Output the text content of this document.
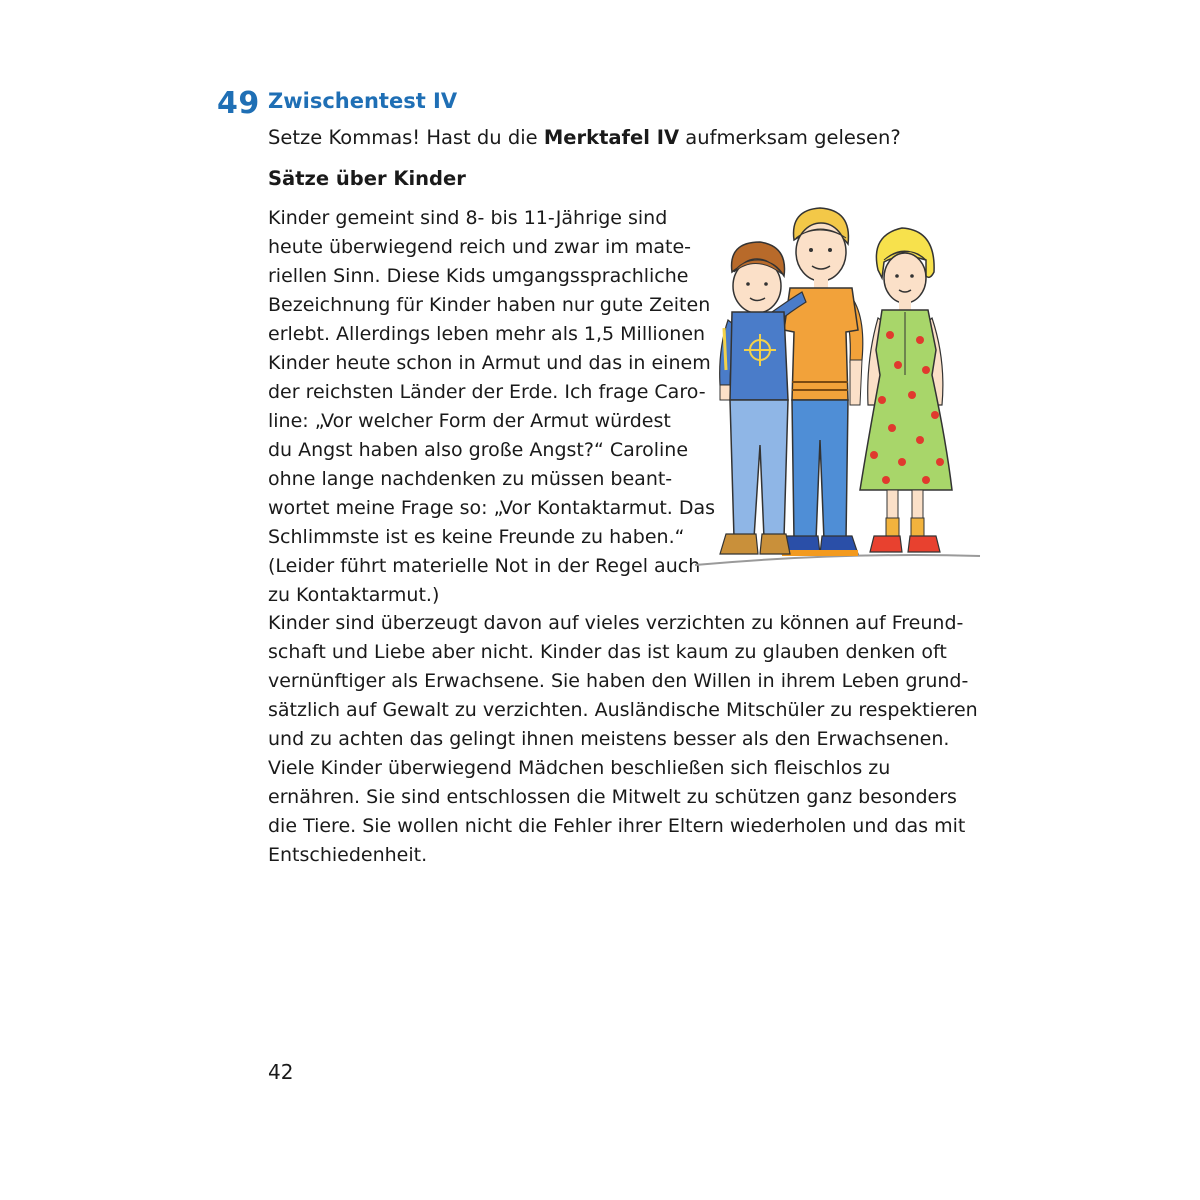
49 Zwischentest IV
Setze Kommas! Hast du die Merktafel IV aufmerksam gelesen?
Sätze über Kinder
Kinder gemeint sind 8- bis 11-Jährige sind
heute überwiegend reich und zwar im mate-
riellen Sinn. Diese Kids umgangssprachliche
Bezeichnung für Kinder haben nur gute Zeiten
erlebt. Allerdings leben mehr als 1,5 Millionen
Kinder heute schon in Armut und das in einem
der reichsten Länder der Erde. Ich frage Caro-
line: „Vor welcher Form der Armut würdest
du Angst haben also große Angst?“ Caroline
ohne lange nachdenken zu müssen beant-
wortet meine Frage so: „Vor Kontaktarmut. Das
Schlimmste ist es keine Freunde zu haben.“
(Leider führt materielle Not in der Regel auch
zu Kontaktarmut.)
Kinder sind überzeugt davon auf vieles verzichten zu können auf Freund-
schaft und Liebe aber nicht. Kinder das ist kaum zu glauben denken oft
vernünftiger als Erwachsene. Sie haben den Willen in ihrem Leben grund-
sätzlich auf Gewalt zu verzichten. Ausländische Mitschüler zu respektieren
und zu achten das gelingt ihnen meistens besser als den Erwachsenen.
Viele Kinder überwiegend Mädchen beschließen sich fleischlos zu
ernähren. Sie sind entschlossen die Mitwelt zu schützen ganz besonders
die Tiere. Sie wollen nicht die Fehler ihrer Eltern wiederholen und das mit
Entschiedenheit.
42
